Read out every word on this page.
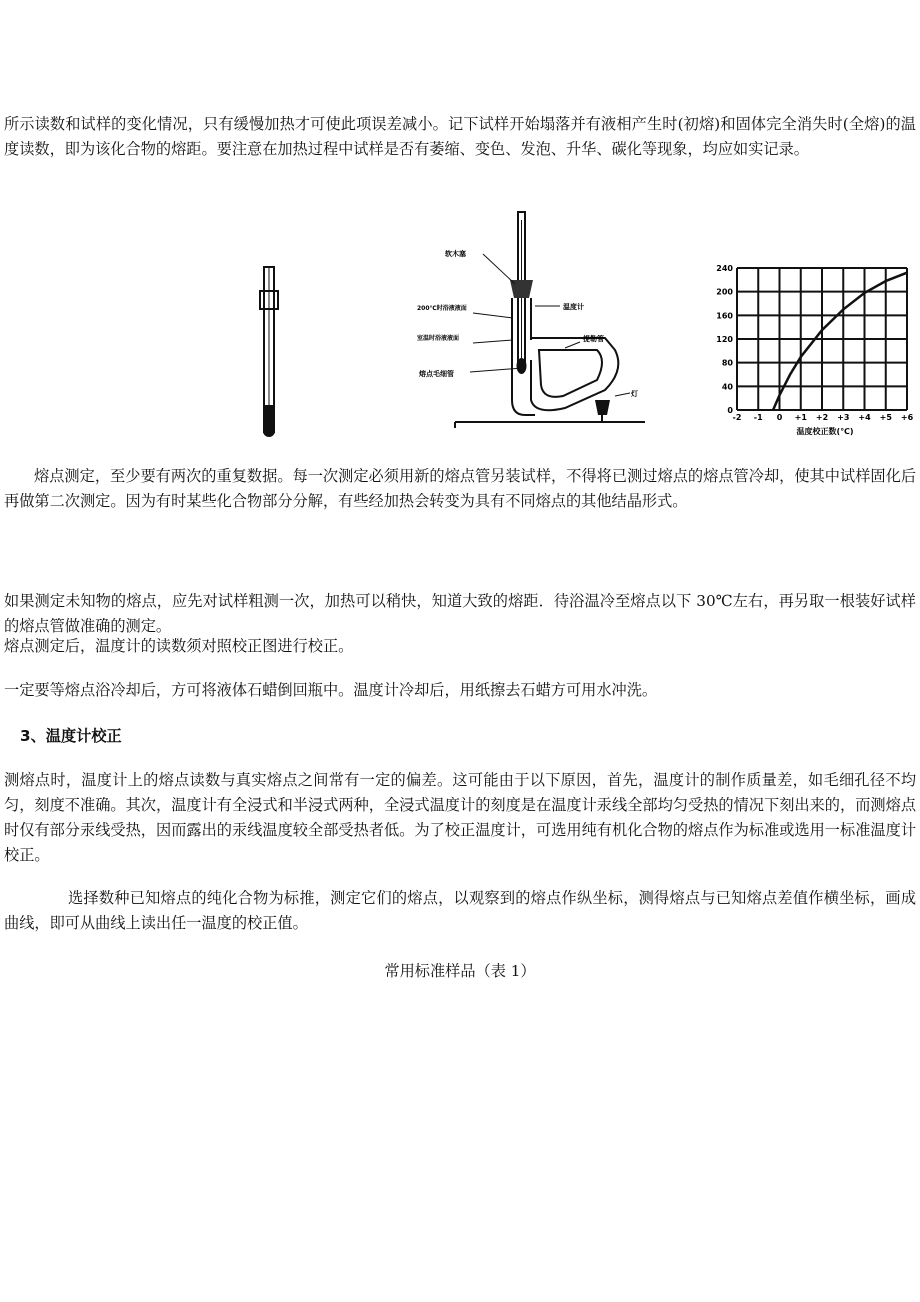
所示读数和试样的变化情况，只有缓慢加热才可使此项误差减小。记下试样开始塌落并有液相产生时(初熔)和固体完全消失时(全熔)的温度读数，即为该化合物的熔距。要注意在加热过程中试样是否有萎缩、变色、发泡、升华、碳化等现象，均应如实记录。

软木塞
200℃时浴液液面	温度计
室温时浴液液面	提勒管
熔点毛细管
灯
0
40
80
120
160
200
240
-2 -1 0 +1 +2 +3 +4 +5 +6
温度校正数(℃)

熔点测定，至少要有两次的重复数据。每一次测定必须用新的熔点管另装试样，不得将已测过熔点的熔点管冷却，使其中试样固化后再做第二次测定。因为有时某些化合物部分分解，有些经加热会转变为具有不同熔点的其他结晶形式。

如果测定未知物的熔点，应先对试样粗测一次，加热可以稍快，知道大致的熔距．待浴温冷至熔点以下 30℃左右，再另取一根装好试样的熔点管做准确的测定。

熔点测定后，温度计的读数须对照校正图进行校正。

一定要等熔点浴冷却后，方可将液体石蜡倒回瓶中。温度计冷却后，用纸擦去石蜡方可用水冲洗。

3、温度计校正

测熔点时，温度计上的熔点读数与真实熔点之间常有一定的偏差。这可能由于以下原因，首先，温度计的制作质量差，如毛细孔径不均匀，刻度不准确。其次，温度计有全浸式和半浸式两种，全浸式温度计的刻度是在温度计汞线全部均匀受热的情况下刻出来的，而测熔点时仅有部分汞线受热，因而露出的汞线温度较全部受热者低。为了校正温度计，可选用纯有机化合物的熔点作为标准或选用一标准温度计校正。

选择数种已知熔点的纯化合物为标推，测定它们的熔点，以观察到的熔点作纵坐标，测得熔点与已知熔点差值作横坐标，画成曲线，即可从曲线上读出任一温度的校正值。

常用标准样品（表 1）
